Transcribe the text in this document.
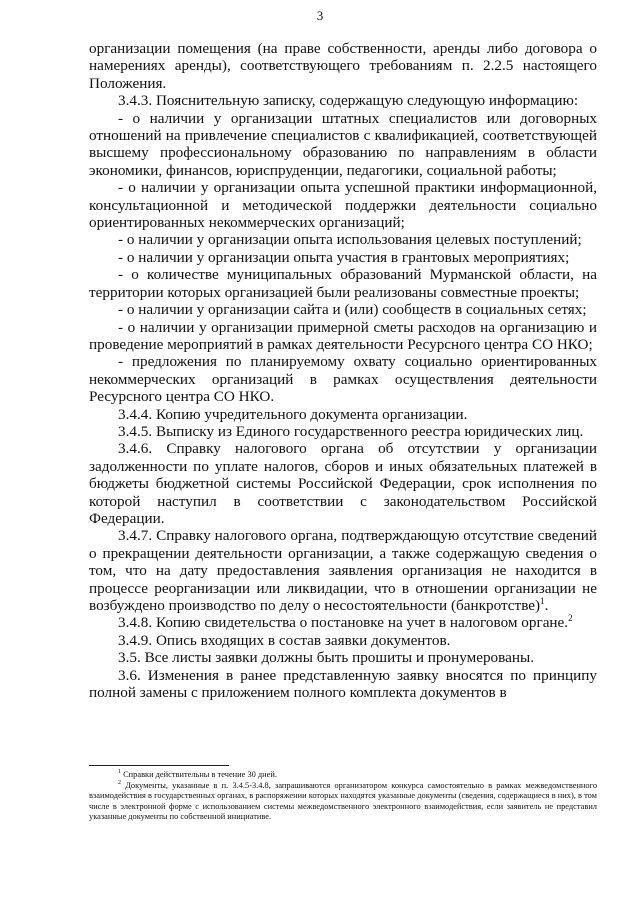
3

организации помещения (на праве собственности, аренды либо договора о намерениях аренды), соответствующего требованиям п. 2.2.5 настоящего Положения.

3.4.3. Пояснительную записку, содержащую следующую информацию:

- о наличии у организации штатных специалистов или договорных отношений на привлечение специалистов с квалификацией, соответствующей высшему профессиональному образованию по направлениям в области экономики, финансов, юриспруденции, педагогики, социальной работы;

- о наличии у организации опыта успешной практики информационной, консультационной и методической поддержки деятельности социально ориентированных некоммерческих организаций;

- о наличии у организации опыта использования целевых поступлений;

- о наличии у организации опыта участия в грантовых мероприятиях;

- о количестве муниципальных образований Мурманской области, на территории которых организацией были реализованы совместные проекты;

- о наличии у организации сайта и (или) сообществ в социальных сетях;

- о наличии у организации примерной сметы расходов на организацию и проведение мероприятий в рамках деятельности Ресурсного центра СО НКО;

- предложения по планируемому охвату социально ориентированных некоммерческих организаций в рамках осуществления деятельности Ресурсного центра СО НКО.

3.4.4. Копию учредительного документа организации.

3.4.5. Выписку из Единого государственного реестра юридических лиц.

3.4.6. Справку налогового органа об отсутствии у организации задолженности по уплате налогов, сборов и иных обязательных платежей в бюджеты бюджетной системы Российской Федерации, срок исполнения по которой наступил в соответствии с законодательством Российской Федерации.

3.4.7. Справку налогового органа, подтверждающую отсутствие сведений о прекращении деятельности организации, а также содержащую сведения о том, что на дату предоставления заявления организация не находится в процессе реорганизации или ликвидации, что в отношении организации не возбуждено производство по делу о несостоятельности (банкротстве)$^1$.

3.4.8. Копию свидетельства о постановке на учет в налоговом органе.$^2$

3.4.9. Опись входящих в состав заявки документов.

3.5. Все листы заявки должны быть прошиты и пронумерованы.

3.6. Изменения в ранее представленную заявку вносятся по принципу полной замены с приложением полного комплекта документов в

$^1$ Справки действительны в течение 30 дней.

$^2$ Документы, указанные в п. 3.4.5-3.4.8, запрашиваются организатором конкурса самостоятельно в рамках межведомственного взаимодействия в государственных органах, в распоряжении которых находятся указанные документы (сведения, содержащиеся в них), в том числе в электронной форме с использованием системы межведомственного электронного взаимодействия, если заявитель не представил указанные документы по собственной инициативе.
